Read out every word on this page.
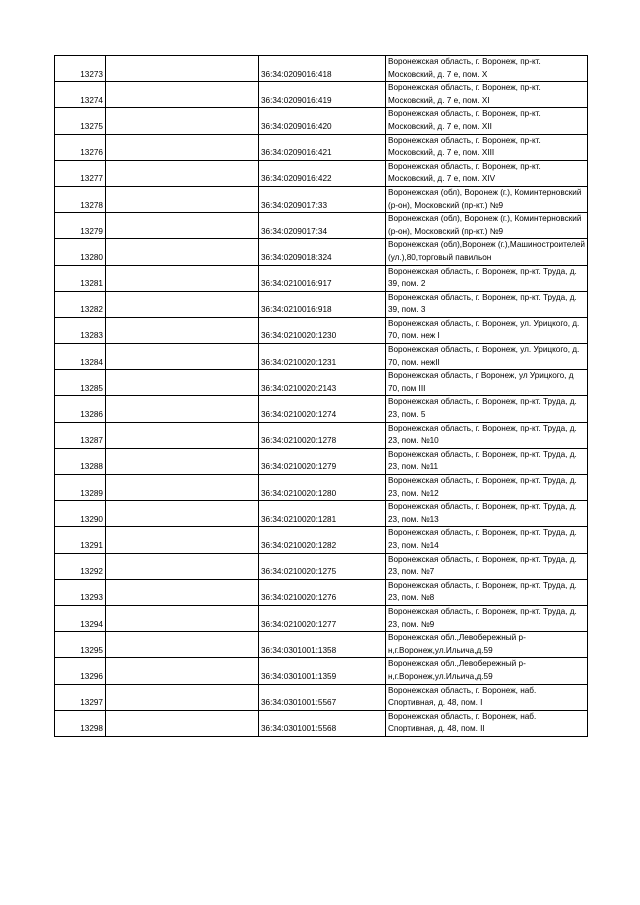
13273		36:34:0209016:418	Воронежская область, г. Воронеж, пр-кт. Московский, д. 7 е, пом. X
13274		36:34:0209016:419	Воронежская область, г. Воронеж, пр-кт. Московский, д. 7 е, пом. XI
13275		36:34:0209016:420	Воронежская область, г. Воронеж, пр-кт. Московский, д. 7 е, пом. XII
13276		36:34:0209016:421	Воронежская область, г. Воронеж, пр-кт. Московский, д. 7 е, пом. XIII
13277		36:34:0209016:422	Воронежская область, г. Воронеж, пр-кт. Московский, д. 7 е, пом. XIV
13278		36:34:0209017:33	Воронежская (обл), Воронеж (г.), Коминтерновский (р-он), Московский (пр-кт.) №9
13279		36:34:0209017:34	Воронежская (обл), Воронеж (г.), Коминтерновский (р-он), Московский (пр-кт.) №9
13280		36:34:0209018:324	Воронежская (обл),Воронеж (г.),Машиностроителей (ул.),80,торговый павильон
13281		36:34:0210016:917	Воронежская область, г. Воронеж, пр-кт. Труда, д. 39, пом. 2
13282		36:34:0210016:918	Воронежская область, г. Воронеж, пр-кт. Труда, д. 39, пом. 3
13283		36:34:0210020:1230	Воронежская область, г. Воронеж, ул. Урицкого, д. 70, пом. неж I
13284		36:34:0210020:1231	Воронежская область, г. Воронеж, ул. Урицкого, д. 70, пом. нежII
13285		36:34:0210020:2143	Воронежская область, г Воронеж, ул Урицкого, д 70, пом III
13286		36:34:0210020:1274	Воронежская область, г. Воронеж, пр-кт. Труда, д. 23, пом. 5
13287		36:34:0210020:1278	Воронежская область, г. Воронеж, пр-кт. Труда, д. 23, пом. №10
13288		36:34:0210020:1279	Воронежская область, г. Воронеж, пр-кт. Труда, д. 23, пом. №11
13289		36:34:0210020:1280	Воронежская область, г. Воронеж, пр-кт. Труда, д. 23, пом. №12
13290		36:34:0210020:1281	Воронежская область, г. Воронеж, пр-кт. Труда, д. 23, пом. №13
13291		36:34:0210020:1282	Воронежская область, г. Воронеж, пр-кт. Труда, д. 23, пом. №14
13292		36:34:0210020:1275	Воронежская область, г. Воронеж, пр-кт. Труда, д. 23, пом. №7
13293		36:34:0210020:1276	Воронежская область, г. Воронеж, пр-кт. Труда, д. 23, пом. №8
13294		36:34:0210020:1277	Воронежская область, г. Воронеж, пр-кт. Труда, д. 23, пом. №9
13295		36:34:0301001:1358	Воронежская обл.,Левобережный р-н,г.Воронеж,ул.Ильича,д.59
13296		36:34:0301001:1359	Воронежская обл.,Левобережный р-н,г.Воронеж,ул.Ильича,д.59
13297		36:34:0301001:5567	Воронежская область, г. Воронеж, наб. Спортивная, д. 48, пом. I
13298		36:34:0301001:5568	Воронежская область, г. Воронеж, наб. Спортивная, д. 48, пом. II
